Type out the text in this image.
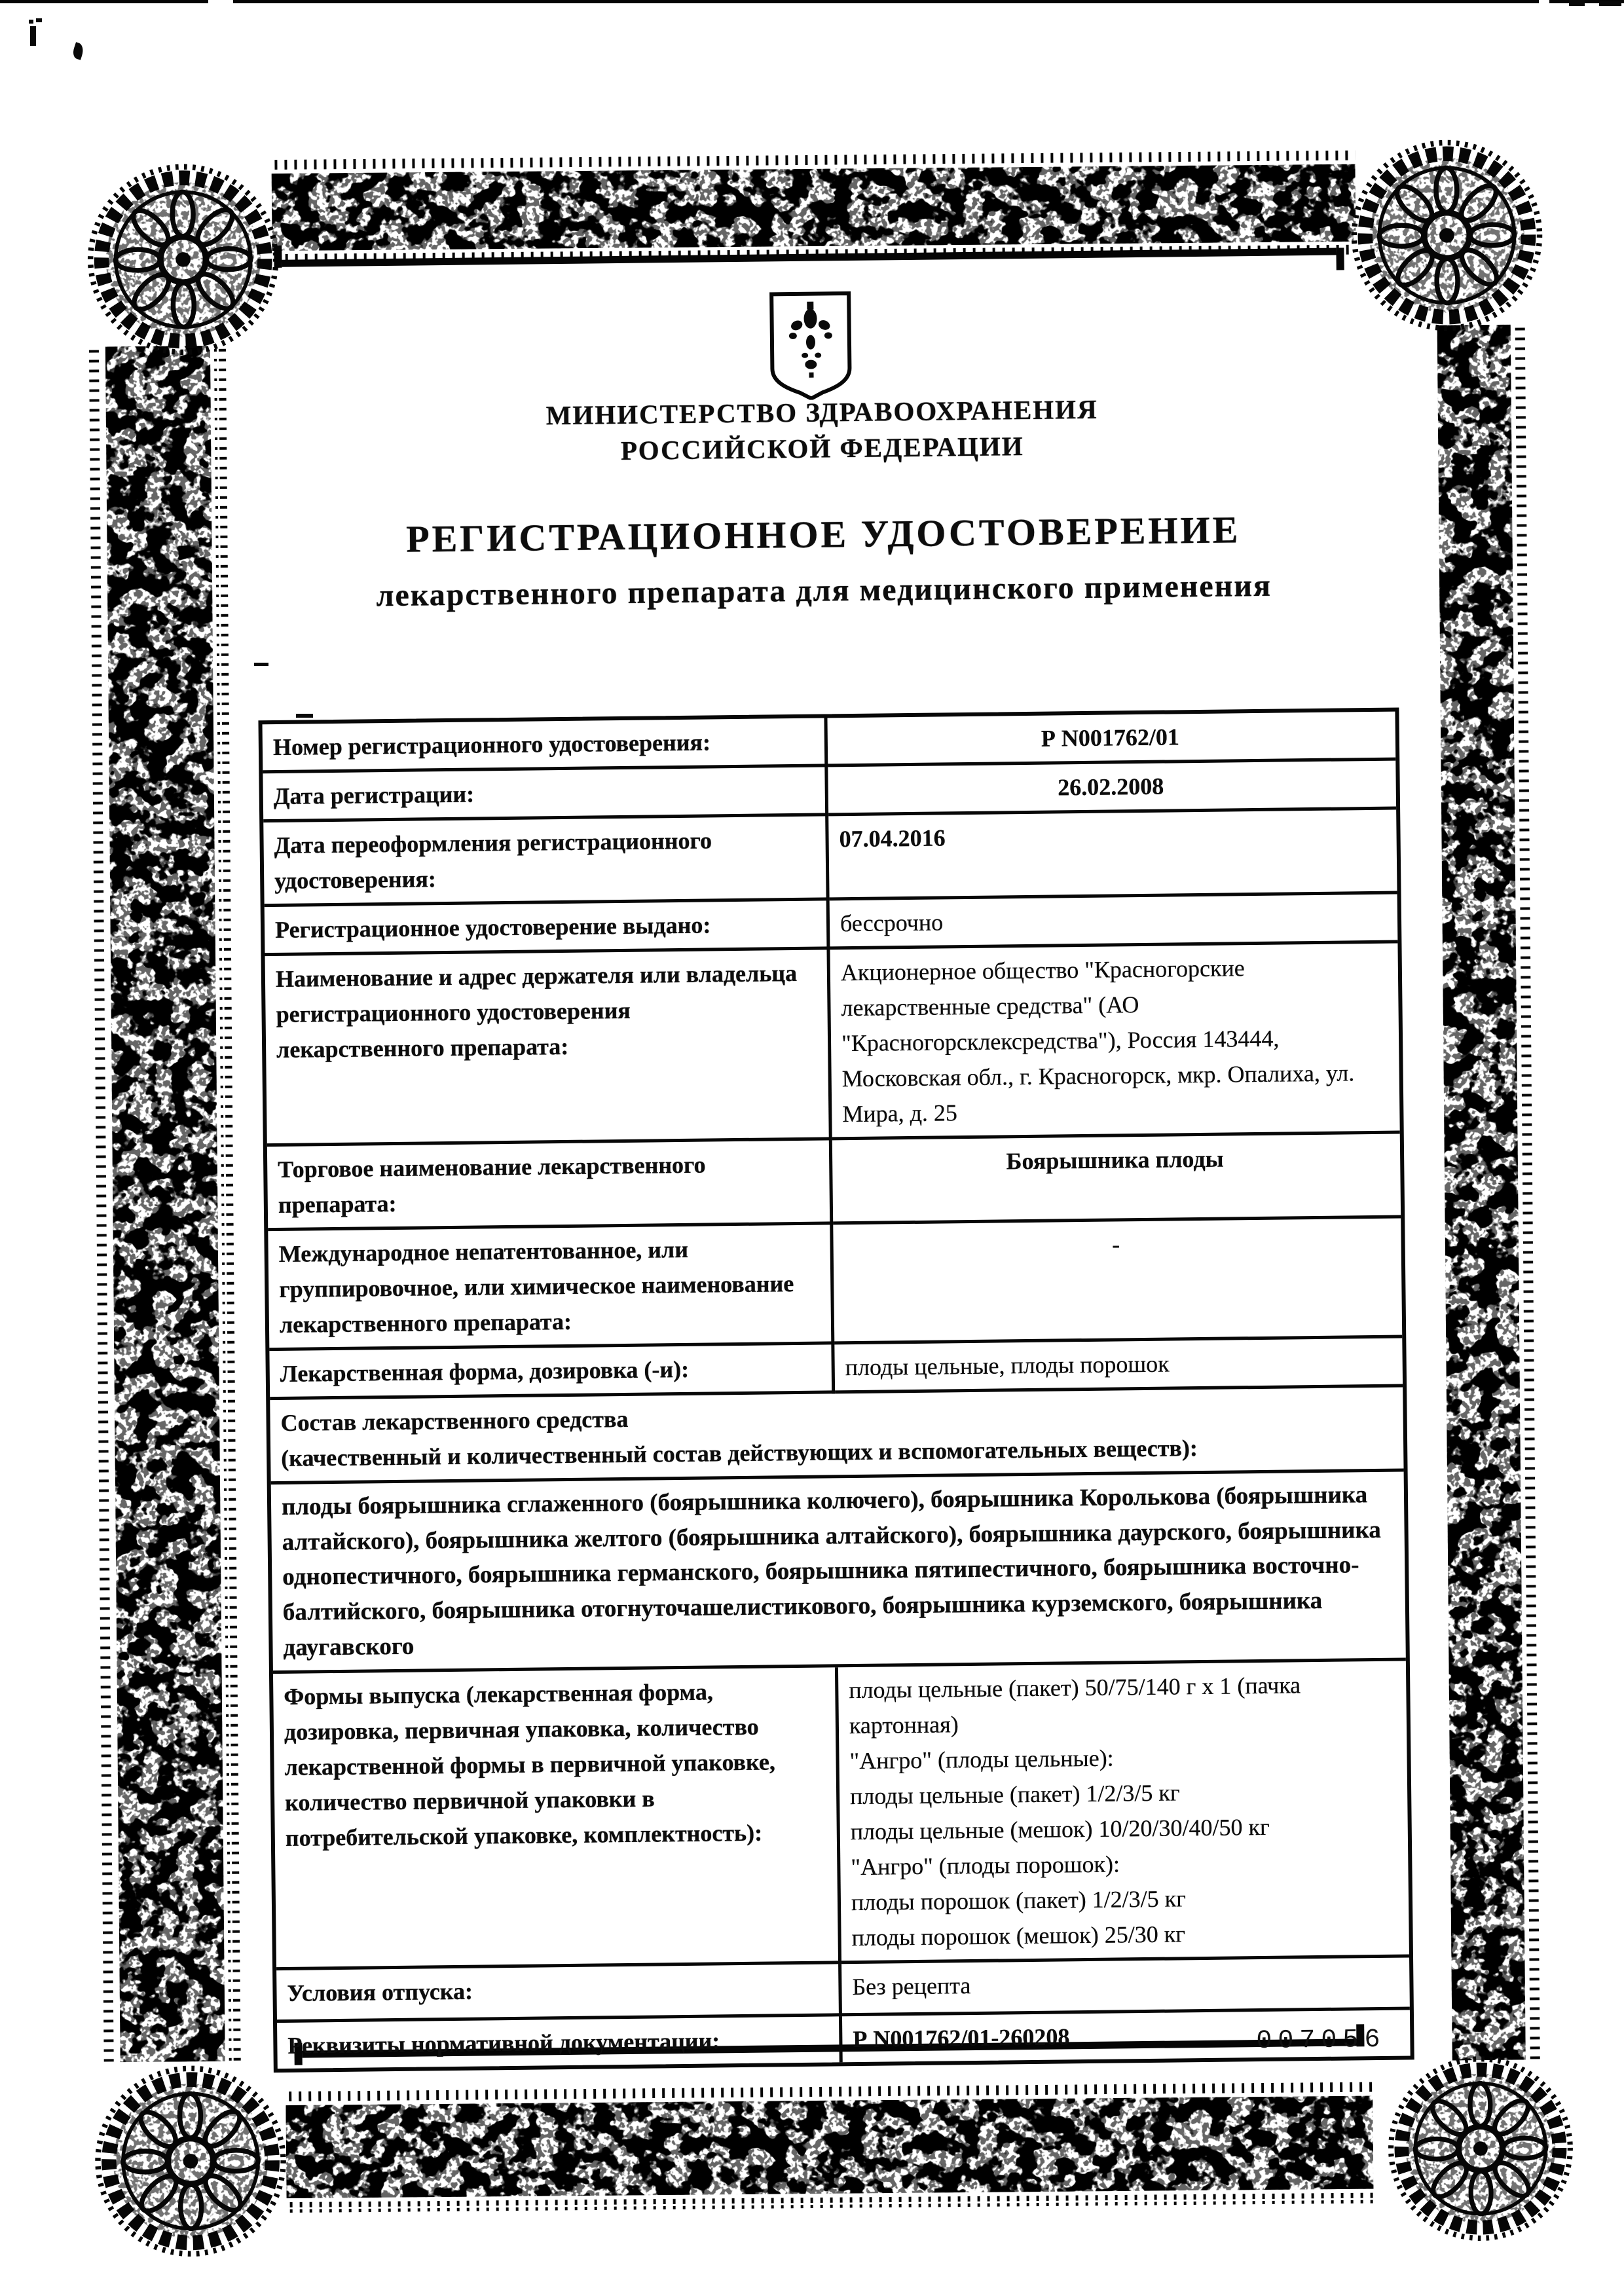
МИНИСТЕРСТВО ЗДРАВООХРАНЕНИЯ
РОССИЙСКОЙ ФЕДЕРАЦИИ
РЕГИСТРАЦИОННОЕ УДОСТОВЕРЕНИЕ
лекарственного препарата для медицинского применения
Номер регистрационного удостоверения:	Р N001762/01
Дата регистрации:	26.02.2008
Дата переоформления регистрационного удостоверения:
07.04.2016
Регистрационное удостоверение выдано:	бессрочно
Наименование и адрес держателя или владельца регистрационного удостоверения лекарственного препарата:
Акционерное общество "Красногорские лекарственные средства" (АО "Красногорсклексредства"), Россия 143444, Московская обл., г. Красногорск, мкр. Опалиха, ул. Мира, д. 25
Торговое наименование лекарственного препарата:
Боярышника плоды
Международное непатентованное, или группировочное, или химическое наименование лекарственного препарата:
-
Лекарственная форма, дозировка (-и):	плоды цельные, плоды порошок
Состав лекарственного средства
(качественный и количественный состав действующих и вспомогательных веществ):
плоды боярышника сглаженного (боярышника колючего), боярышника Королькова (боярышника алтайского), боярышника желтого (боярышника алтайского), боярышника даурского, боярышника однопестичного, боярышника германского, боярышника пятипестичного, боярышника восточно-балтийского, боярышника отогнуточашелистикового, боярышника курземского, боярышника даугавского
Формы выпуска (лекарственная форма, дозировка, первичная упаковка, количество лекарственной формы в первичной упаковке, количество первичной упаковки в потребительской упаковке, комплектность):
плоды цельные (пакет) 50/75/140 г х 1 (пачка картонная)
"Ангро" (плоды цельные):
плоды цельные (пакет) 1/2/3/5 кг
плоды цельные (мешок) 10/20/30/40/50 кг
"Ангро" (плоды порошок):
плоды порошок (пакет) 1/2/3/5 кг
плоды порошок (мешок) 25/30 кг
Условия отпуска:	Без рецепта
Реквизиты нормативной документации:	Р N001762/01-260208	007056
